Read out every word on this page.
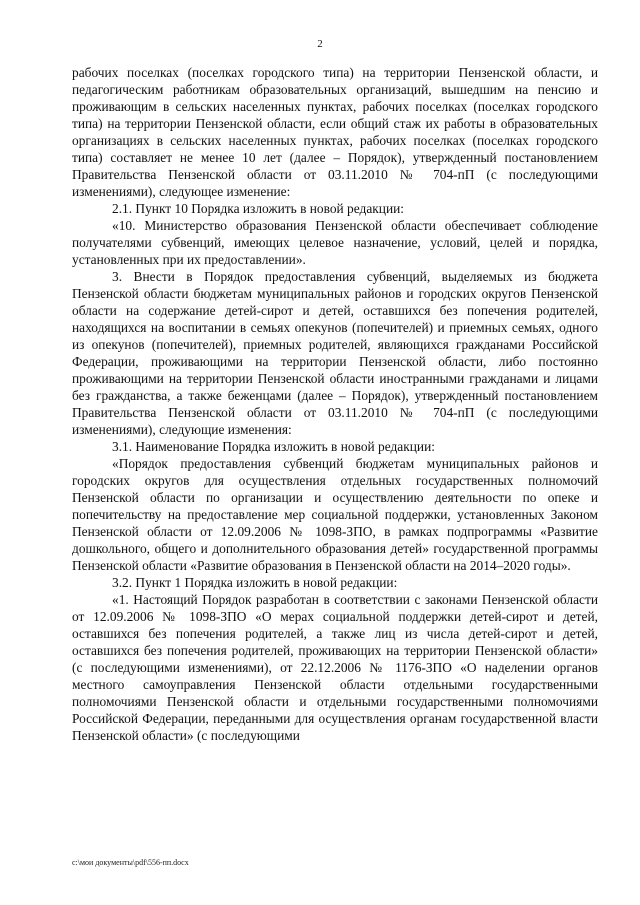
2

рабочих поселках (поселках городского типа) на территории Пензенской области, и педагогическим работникам образовательных организаций, вышедшим на пенсию и проживающим в сельских населенных пунктах, рабочих поселках (поселках городского типа) на территории Пензенской области, если общий стаж их работы в образовательных организациях в сельских населенных пунктах, рабочих поселках (поселках городского типа) составляет не менее 10 лет (далее – Порядок), утвержденный постановлением Правительства Пензенской области от 03.11.2010 № 704-пП (с последующими изменениями), следующее изменение:

2.1. Пункт 10 Порядка изложить в новой редакции:

«10. Министерство образования Пензенской области обеспечивает соблюдение получателями субвенций, имеющих целевое назначение, условий, целей и порядка, установленных при их предоставлении».

3. Внести в Порядок предоставления субвенций, выделяемых из бюджета Пензенской области бюджетам муниципальных районов и городских округов Пензенской области на содержание детей-сирот и детей, оставшихся без попечения родителей, находящихся на воспитании в семьях опекунов (попечителей) и приемных семьях, одного из опекунов (попечителей), приемных родителей, являющихся гражданами Российской Федерации, проживающими на территории Пензенской области, либо постоянно проживающими на территории Пензенской области иностранными гражданами и лицами без гражданства, а также беженцами (далее – Порядок), утвержденный постановлением Правительства Пензенской области от 03.11.2010 № 704-пП (с последующими изменениями), следующие изменения:

3.1. Наименование Порядка изложить в новой редакции:

«Порядок предоставления субвенций бюджетам муниципальных районов и городских округов для осуществления отдельных государственных полномочий Пензенской области по организации и осуществлению деятельности по опеке и попечительству на предоставление мер социальной поддержки, установленных Законом Пензенской области от 12.09.2006 № 1098-ЗПО, в рамках подпрограммы «Развитие дошкольного, общего и дополнительного образования детей» государственной программы Пензенской области «Развитие образования в Пензенской области на 2014–2020 годы».

3.2. Пункт 1 Порядка изложить в новой редакции:

«1. Настоящий Порядок разработан в соответствии с законами Пензенской области от 12.09.2006 № 1098-ЗПО «О мерах социальной поддержки детей-сирот и детей, оставшихся без попечения родителей, а также лиц из числа детей-сирот и детей, оставшихся без попечения родителей, проживающих на территории Пензенской области» (с последующими изменениями), от 22.12.2006 № 1176-ЗПО «О наделении органов местного самоуправления Пензенской области отдельными государственными полномочиями Пензенской области и отдельными государственными полномочиями Российской Федерации, переданными для осуществления органам государственной власти Пензенской области» (с последующими

c:\мои документы\pdf\556-пп.docx
